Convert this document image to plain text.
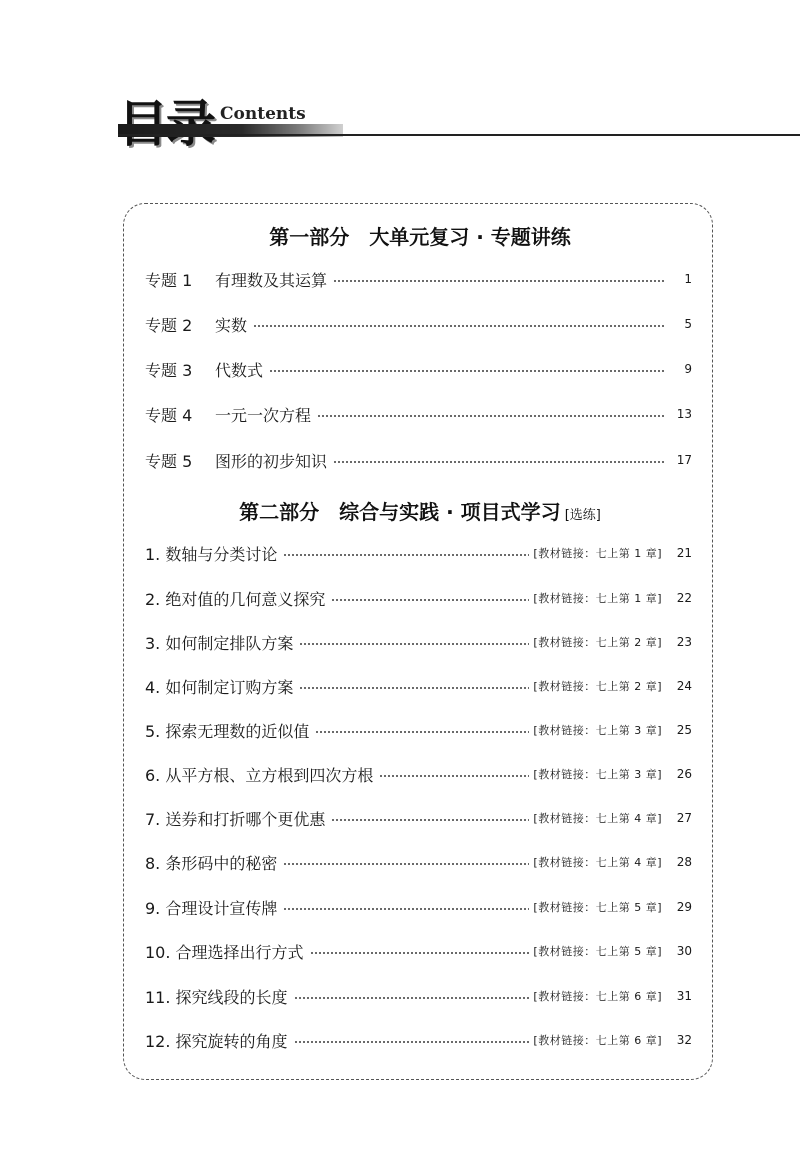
Contents
第一部分　大单元复习 · 专题讲练
专题 1	有理数及其运算	1
专题 2	实数	5
专题 3	代数式	9
专题 4	一元一次方程	13
专题 5	图形的初步知识	17
第二部分　综合与实践 · 项目式学习 [选练]
1. 数轴与分类讨论	[教材链接：七上第 1 章] 21
2. 绝对值的几何意义探究	[教材链接：七上第 1 章] 22
3. 如何制定排队方案	[教材链接：七上第 2 章] 23
4. 如何制定订购方案	[教材链接：七上第 2 章] 24
5. 探索无理数的近似值	[教材链接：七上第 3 章] 25
6. 从平方根、立方根到四次方根	[教材链接：七上第 3 章] 26
7. 送券和打折哪个更优惠	[教材链接：七上第 4 章] 27
8. 条形码中的秘密	[教材链接：七上第 4 章] 28
9. 合理设计宣传牌	[教材链接：七上第 5 章] 29
10. 合理选择出行方式	[教材链接：七上第 5 章] 30
11. 探究线段的长度	[教材链接：七上第 6 章] 31
12. 探究旋转的角度	[教材链接：七上第 6 章] 32
